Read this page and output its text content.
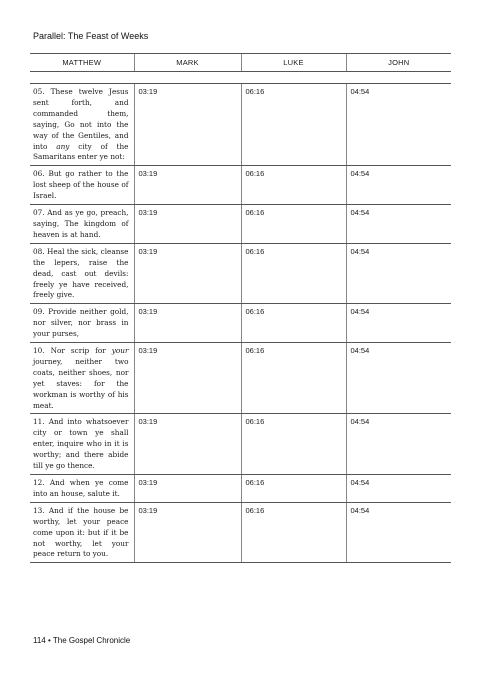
Parallel: The Feast of Weeks
MATTHEW	MARK	LUKE	JOHN

05. These twelve Jesus sent forth, and commanded them, saying, Go not into the way of the Gentiles, and into any city of the Samaritans enter ye not:	03:19	06:16	04:54
06. But go rather to the lost sheep of the house of Israel.	03:19	06:16	04:54
07. And as ye go, preach, saying, The kingdom of heaven is at hand.	03:19	06:16	04:54
08. Heal the sick, cleanse the lepers, raise the dead, cast out devils: freely ye have received, freely give.	03:19	06:16	04:54
09. Provide neither gold, nor silver, nor brass in your purses,	03:19	06:16	04:54
10. Nor scrip for your journey, neither two coats, neither shoes, nor yet staves: for the workman is worthy of his meat.	03:19	06:16	04:54
11. And into whatsoever city or town ye shall enter, inquire who in it is worthy; and there abide till ye go thence.	03:19	06:16	04:54
12. And when ye come into an house, salute it.	03:19	06:16	04:54
13. And if the house be worthy, let your peace come upon it: but if it be not worthy, let your peace return to you.	03:19	06:16	04:54
114 • The Gospel Chronicle
